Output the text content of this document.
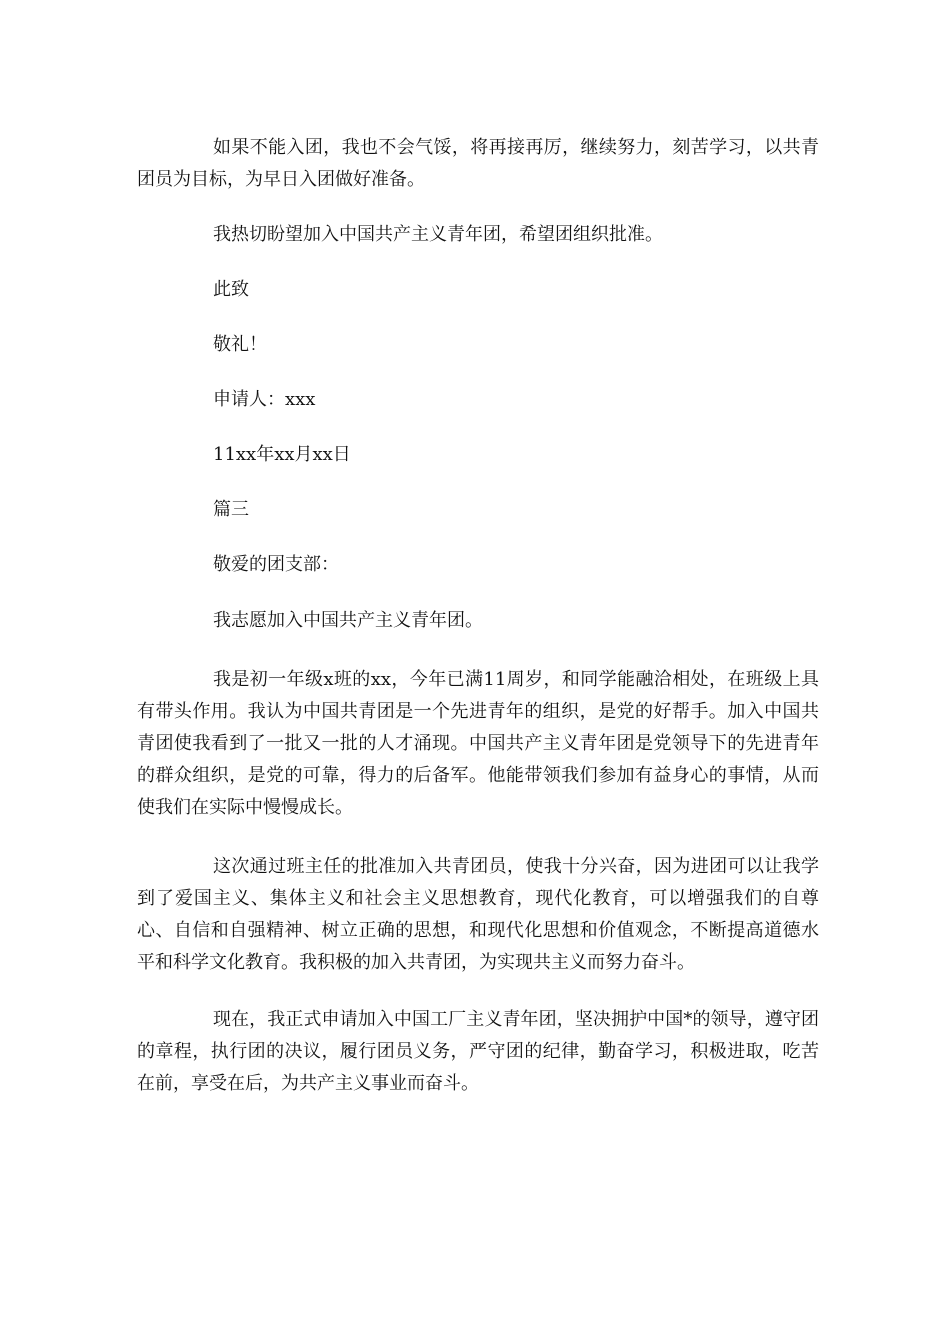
如果不能入团，我也不会气馁，将再接再厉，继续努力，刻苦学习，以共青团员为目标，为早日入团做好准备。

我热切盼望加入中国共产主义青年团，希望团组织批准。

此致

敬礼！

申请人：xxx

11xx年xx月xx日

篇三

敬爱的团支部：

我志愿加入中国共产主义青年团。

我是初一年级x班的xx，今年已满11周岁，和同学能融洽相处，在班级上具有带头作用。我认为中国共青团是一个先进青年的组织，是党的好帮手。加入中国共青团使我看到了一批又一批的人才涌现。中国共产主义青年团是党领导下的先进青年的群众组织，是党的可靠，得力的后备军。他能带领我们参加有益身心的事情，从而使我们在实际中慢慢成长。

这次通过班主任的批准加入共青团员，使我十分兴奋，因为进团可以让我学到了爱国主义、集体主义和社会主义思想教育，现代化教育，可以增强我们的自尊心、自信和自强精神、树立正确的思想，和现代化思想和价值观念，不断提高道德水平和科学文化教育。我积极的加入共青团，为实现共主义而努力奋斗。

现在，我正式申请加入中国工厂主义青年团，坚决拥护中国*的领导，遵守团的章程，执行团的决议，履行团员义务，严守团的纪律，勤奋学习，积极进取，吃苦在前，享受在后，为共产主义事业而奋斗。
